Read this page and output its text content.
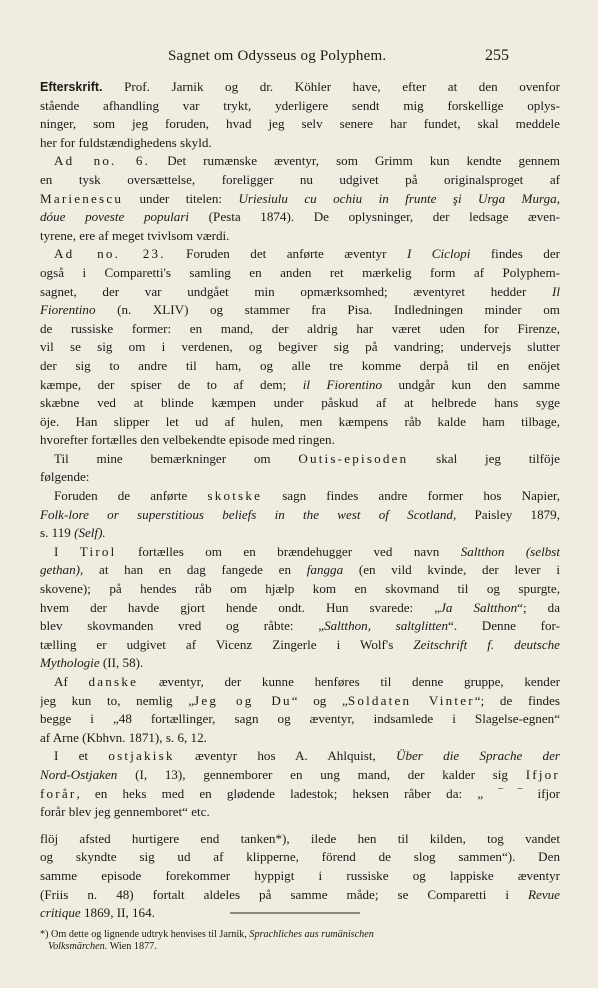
Sagnet om Odysseus og Polyphem.	255
Efterskrift. Prof. Jarnik og dr. Köhler have, efter at den ovenfor
stående afhandling var trykt, yderligere sendt mig forskellige oplys-
ninger, som jeg foruden, hvad jeg selv senere har fundet, skal meddele
her for fuldstændighedens skyld.
Ad no. 6. Det rumænske æventyr, som Grimm kun kendte gennem
en tysk oversættelse, foreligger nu udgivet på originalsproget af
Marienescu under titelen: Uriesiulu cu ochiu in frunte şi Urga Murga,
dóue poveste populari (Pesta 1874). De oplysninger, der ledsage æven-
tyrene, ere af meget tvivlsom værdi.
Ad no. 23. Foruden det anførte æventyr I Ciclopi findes der
også i Comparetti's samling en anden ret mærkelig form af Polyphem-
sagnet, der var undgået min opmærksomhed; æventyret hedder Il
Fiorentino (n. XLIV) og stammer fra Pisa. Indledningen minder om
de russiske former: en mand, der aldrig har været uden for Firenze,
vil se sig om i verdenen, og begiver sig på vandring; undervejs slutter
der sig to andre til ham, og alle tre komme derpå til en enöjet
kæmpe, der spiser de to af dem; il Fiorentino undgår kun den samme
skæbne ved at blinde kæmpen under påskud af at helbrede hans syge
öje. Han slipper let ud af hulen, men kæmpens råb kalde ham tilbage,
hvorefter fortælles den velbekendte episode med ringen.
Til mine bemærkninger om Outis-episoden skal jeg tilföje
følgende:
Foruden de anførte skotske sagn findes andre former hos Napier,
Folk-lore or superstitious beliefs in the west of Scotland, Paisley 1879,
s. 119 (Self).
I Tirol fortælles om en brændehugger ved navn Saltthon (selbst
gethan), at han en dag fangede en fangga (en vild kvinde, der lever i
skovene); på hendes råb om hjælp kom en skovmand til og spurgte,
hvem der havde gjort hende ondt. Hun svarede: „Ja Saltthon“; da
blev skovmanden vred og råbte: „Saltthon, saltglitten“. Denne for-
tælling er udgivet af Vicenz Zingerle i Wolf's Zeitschrift f. deutsche
Mythologie (II, 58).
Af danske æventyr, der kunne henføres til denne gruppe, kender
jeg kun to, nemlig „Jeg og Du“ og „Soldaten Vinter“; de findes
begge i „48 fortællinger, sagn og æventyr, indsamlede i Slagelse-egnen“
af Arne (Kbhvn. 1871), s. 6, 12.
I et ostjakisk æventyr hos A. Ahlquist, Über die Sprache der
Nord-Ostjaken (I, 13), gennemborer en ung mand, der kalder sig Ifjor
forår, en heks med en glødende ladestok; heksen råber da: „ ‾ ‾ ifjor
forår blev jeg gennemboret“ etc.
flöj afsted hurtigere end tanken*), ilede hen til kilden, tog vandet
og skyndte sig ud af klipperne, förend de slog sammen“). Den
samme episode forekommer hyppigt i russiske og lappiske æventyr
(Friis n. 48) fortalt aldeles på samme måde; se Comparetti i Revue
critique 1869, II, 164.
*) Om dette og lignende udtryk henvises til Jarník, Sprachliches aus rumänischen
Volksmärchen. Wien 1877.
